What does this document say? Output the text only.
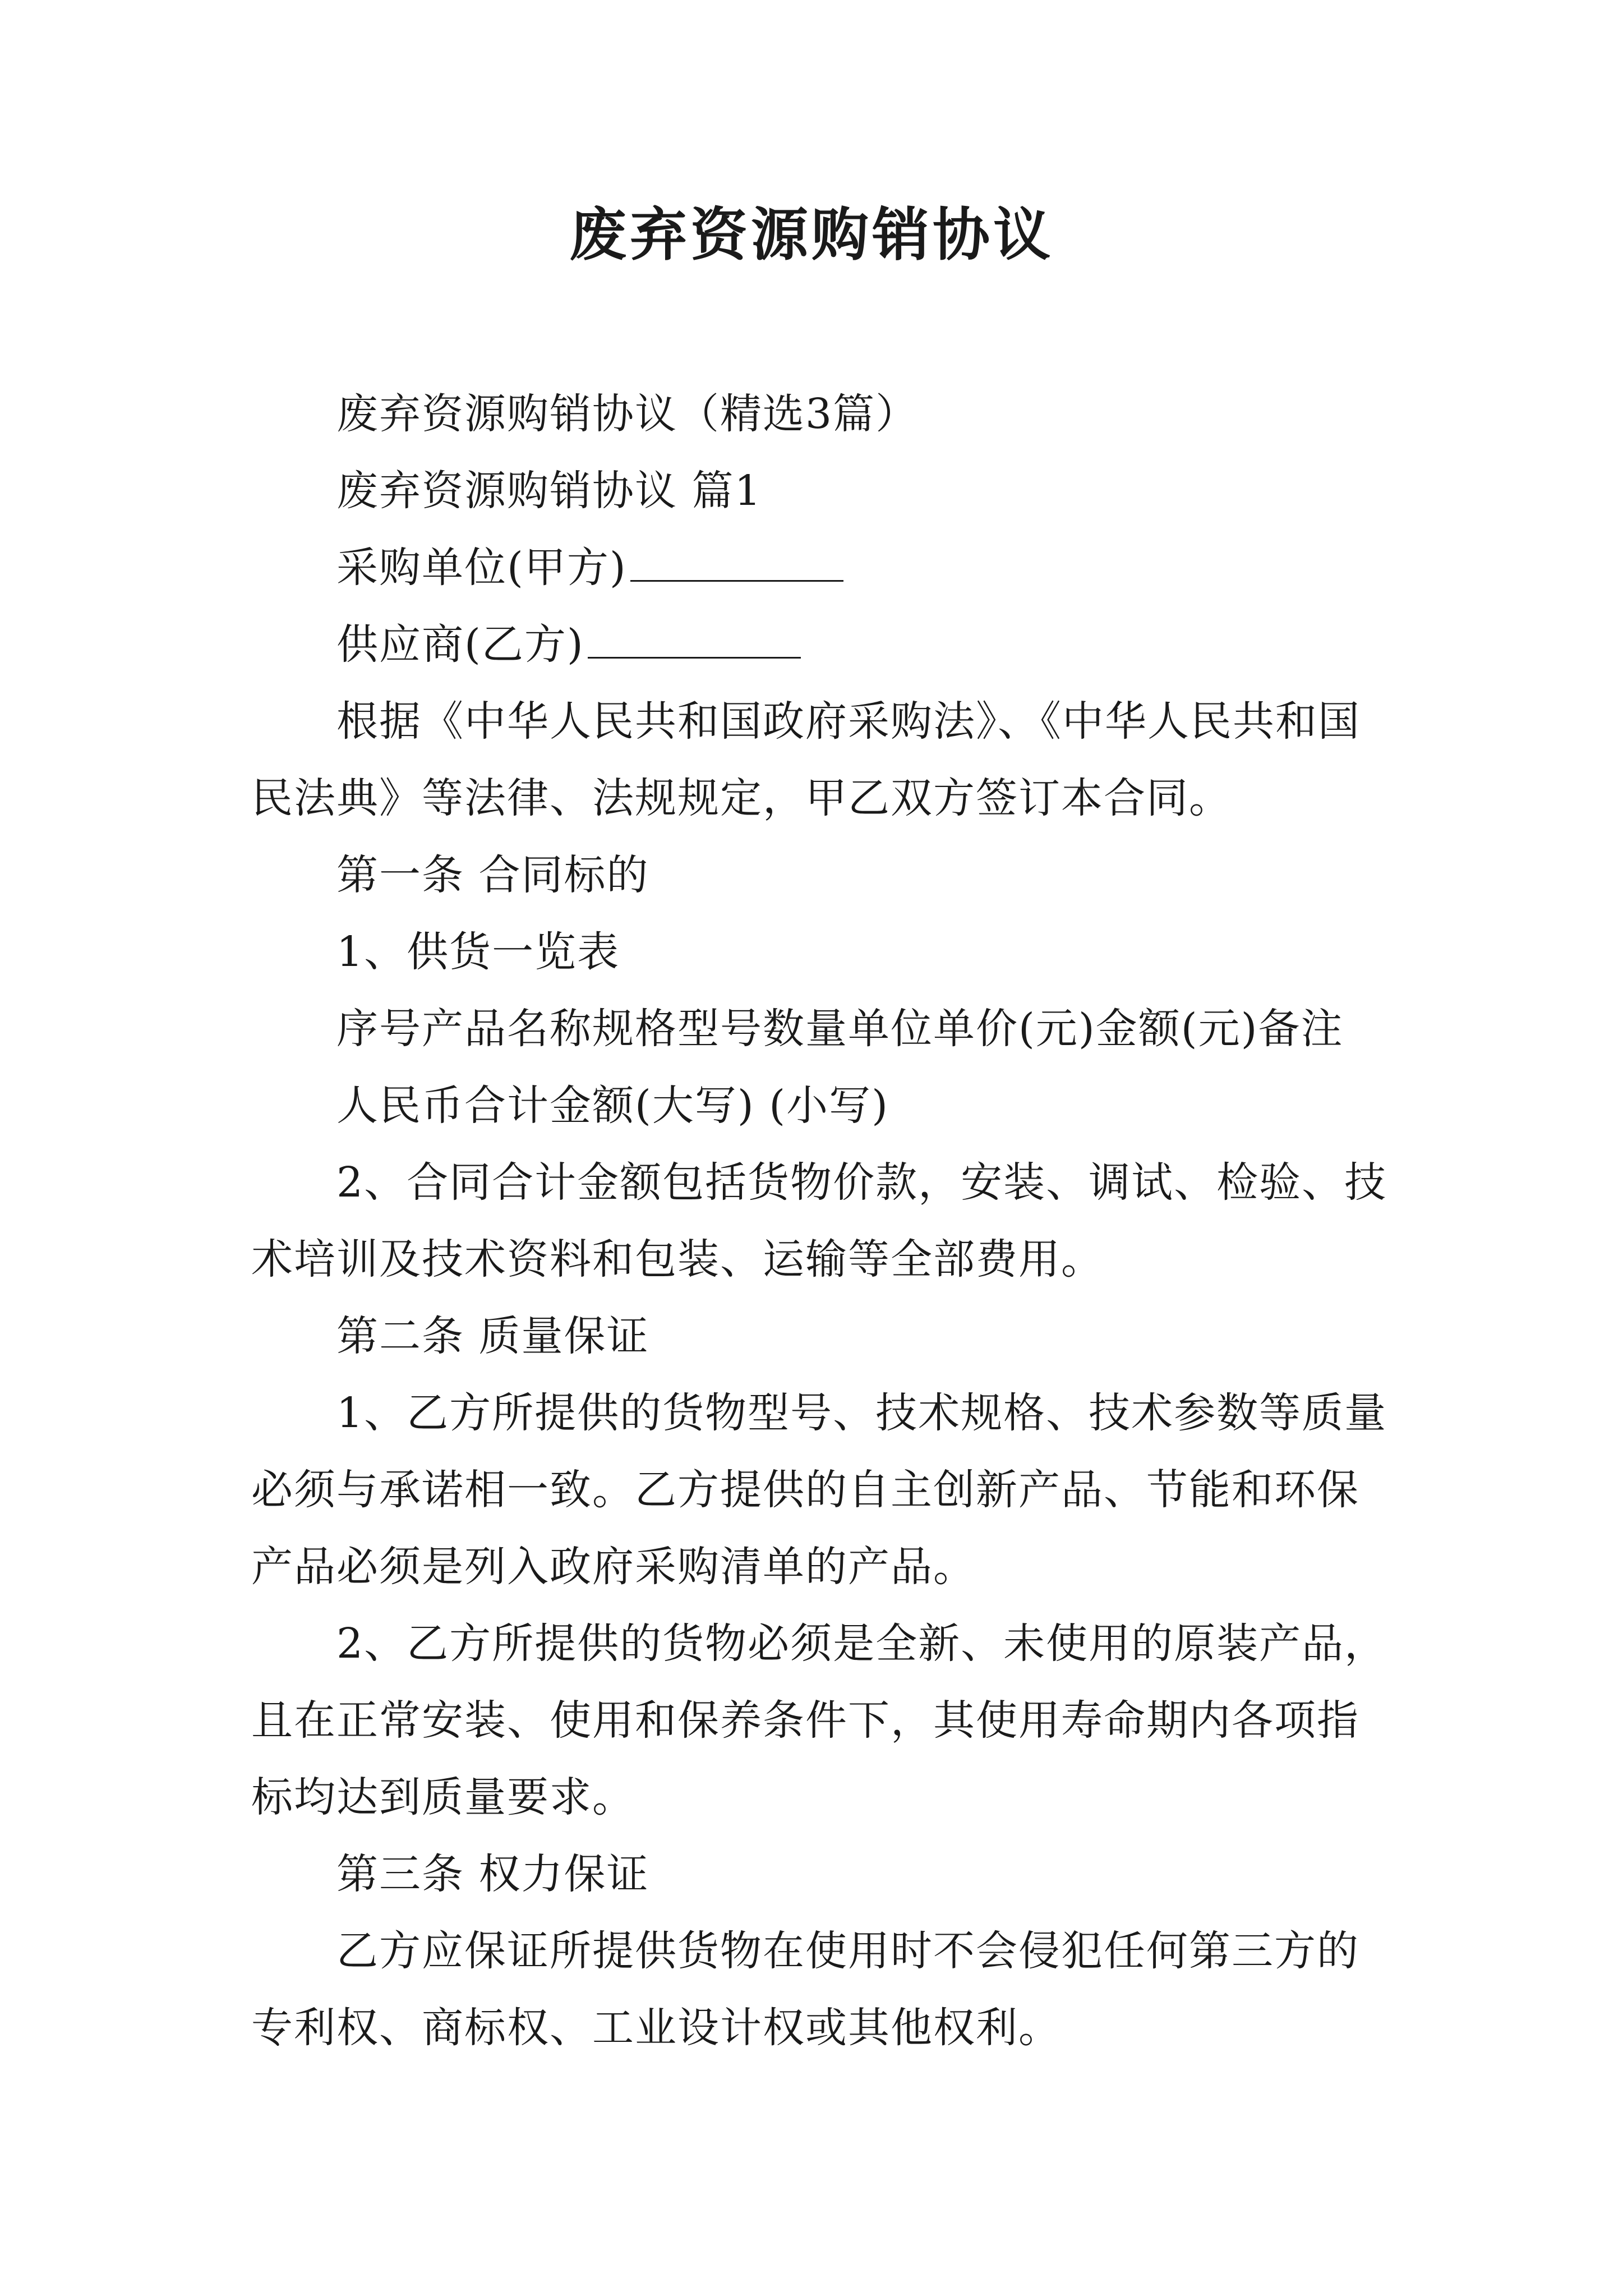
废弃资源购销协议

废弃资源购销协议（精选3篇）

废弃资源购销协议 篇1

采购单位(甲方)

供应商(乙方)

根据《中华人民共和国政府采购法》、《中华人民共和国民法典》等法律、法规规定，甲乙双方签订本合同。

第一条 合同标的

1、供货一览表

序号产品名称规格型号数量单位单价(元)金额(元)备注

人民币合计金额(大写) (小写)

2、合同合计金额包括货物价款，安装、调试、检验、技术培训及技术资料和包装、运输等全部费用。

第二条 质量保证

1、乙方所提供的货物型号、技术规格、技术参数等质量必须与承诺相一致。乙方提供的自主创新产品、节能和环保产品必须是列入政府采购清单的产品。

2、乙方所提供的货物必须是全新、未使用的原装产品，且在正常安装、使用和保养条件下，其使用寿命期内各项指标均达到质量要求。

第三条 权力保证

乙方应保证所提供货物在使用时不会侵犯任何第三方的专利权、商标权、工业设计权或其他权利。
